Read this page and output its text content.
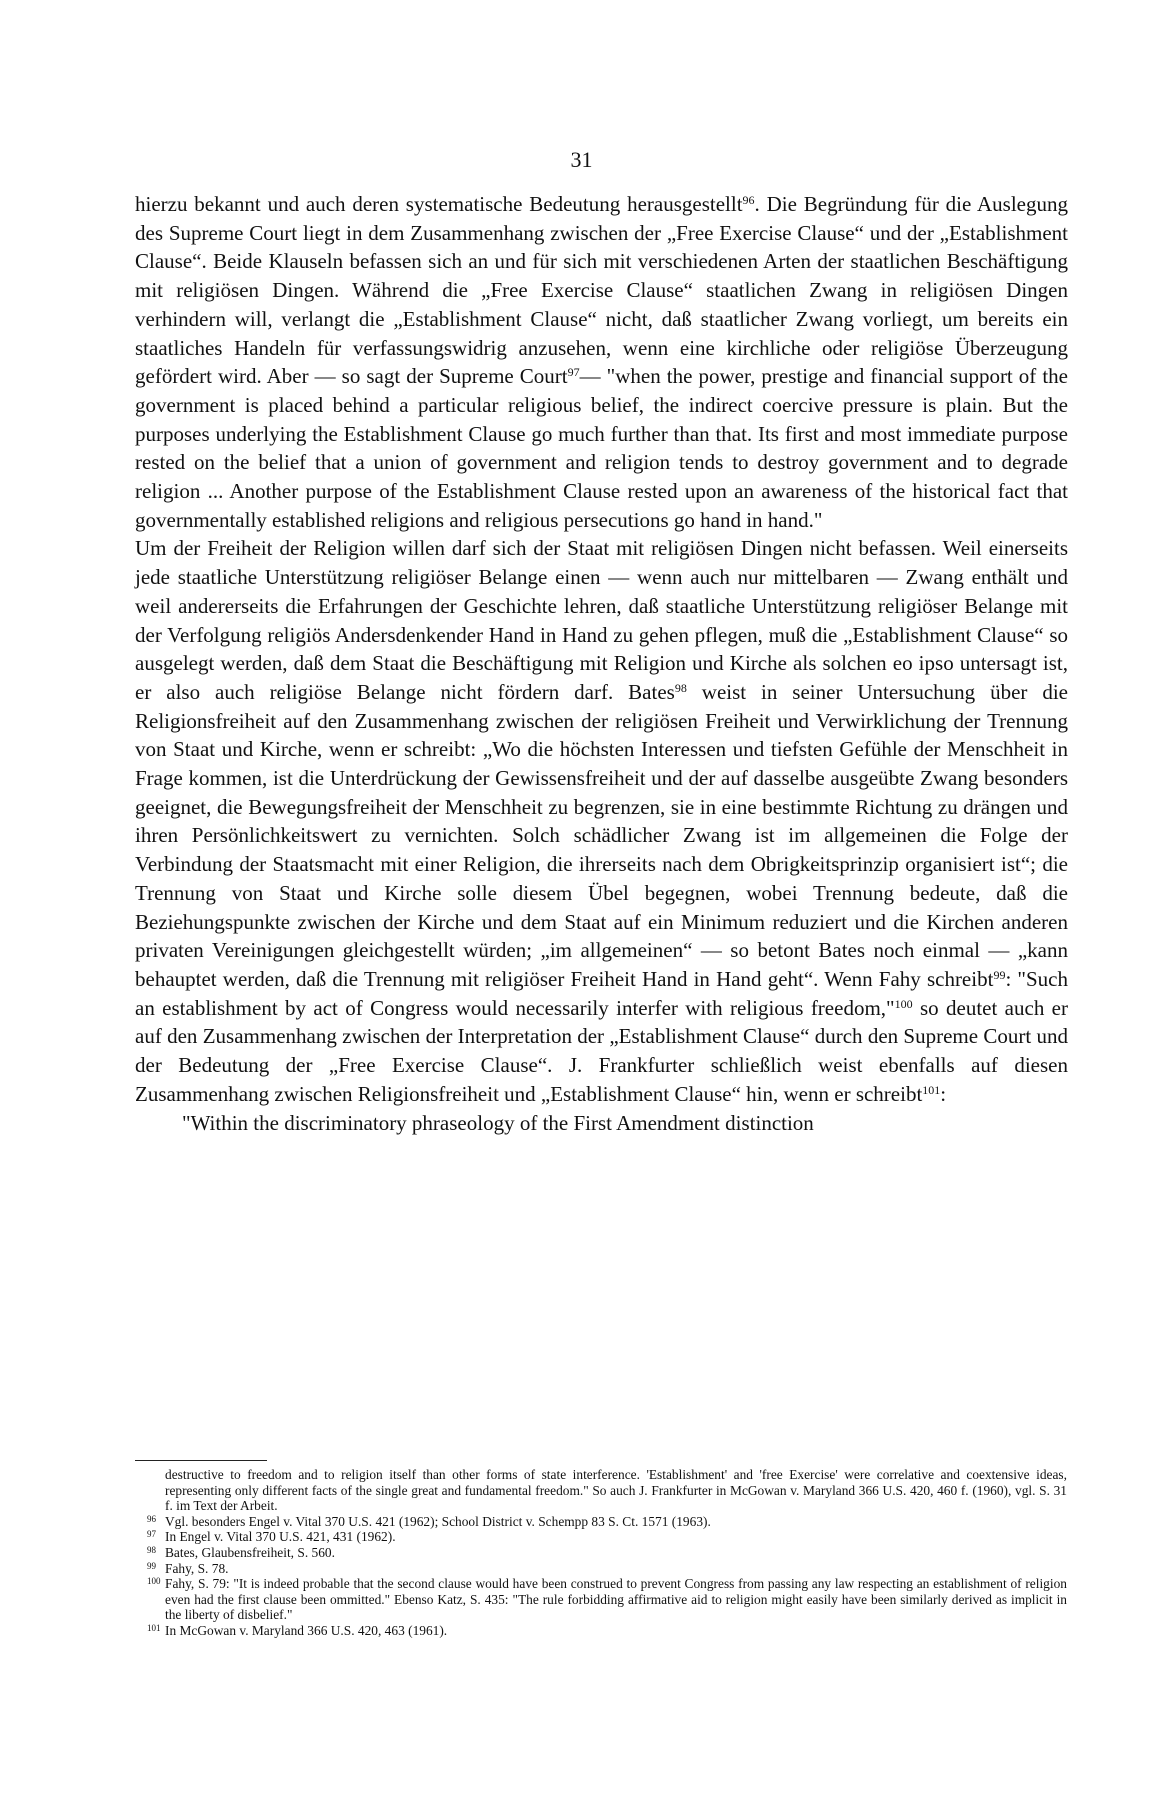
31

hierzu bekannt und auch deren systematische Bedeutung herausgestellt$^{96}$. Die Begründung für die Auslegung des Supreme Court liegt in dem Zusammenhang zwischen der „Free Exercise Clause“ und der „Establishment Clause“. Beide Klauseln befassen sich an und für sich mit verschiedenen Arten der staatlichen Beschäftigung mit religiösen Dingen. Während die „Free Exercise Clause“ staatlichen Zwang in religiösen Dingen verhindern will, verlangt die „Establishment Clause“ nicht, daß staatlicher Zwang vorliegt, um bereits ein staatliches Handeln für verfassungswidrig anzusehen, wenn eine kirchliche oder religiöse Überzeugung gefördert wird. Aber — so sagt der Supreme Court$^{97}$— "when the power, prestige and financial support of the government is placed behind a particular religious belief, the indirect coercive pressure is plain. But the purposes underlying the Establishment Clause go much further than that. Its first and most immediate purpose rested on the belief that a union of government and religion tends to destroy government and to degrade religion ... Another purpose of the Establishment Clause rested upon an awareness of the historical fact that governmentally established religions and religious persecutions go hand in hand."

Um der Freiheit der Religion willen darf sich der Staat mit religiösen Dingen nicht befassen. Weil einerseits jede staatliche Unterstützung religiöser Belange einen — wenn auch nur mittelbaren — Zwang enthält und weil andererseits die Erfahrungen der Geschichte lehren, daß staatliche Unterstützung religiöser Belange mit der Verfolgung religiös Andersdenkender Hand in Hand zu gehen pflegen, muß die „Establishment Clause“ so ausgelegt werden, daß dem Staat die Beschäftigung mit Religion und Kirche als solchen eo ipso untersagt ist, er also auch religiöse Belange nicht fördern darf. Bates$^{98}$ weist in seiner Untersuchung über die Religionsfreiheit auf den Zusammenhang zwischen der religiösen Freiheit und Verwirklichung der Trennung von Staat und Kirche, wenn er schreibt: „Wo die höchsten Interessen und tiefsten Gefühle der Menschheit in Frage kommen, ist die Unterdrückung der Gewissensfreiheit und der auf dasselbe ausgeübte Zwang besonders geeignet, die Bewegungsfreiheit der Menschheit zu begrenzen, sie in eine bestimmte Richtung zu drängen und ihren Persönlichkeitswert zu vernichten. Solch schädlicher Zwang ist im allgemeinen die Folge der Verbindung der Staatsmacht mit einer Religion, die ihrerseits nach dem Obrigkeitsprinzip organisiert ist“; die Trennung von Staat und Kirche solle diesem Übel begegnen, wobei Trennung bedeute, daß die Beziehungspunkte zwischen der Kirche und dem Staat auf ein Minimum reduziert und die Kirchen anderen privaten Vereinigungen gleichgestellt würden; „im allgemeinen“ — so betont Bates noch einmal — „kann behauptet werden, daß die Trennung mit religiöser Freiheit Hand in Hand geht“. Wenn Fahy schreibt$^{99}$: "Such an establishment by act of Congress would necessarily interfer with religious freedom,"$^{100}$ so deutet auch er auf den Zusammenhang zwischen der Interpretation der „Establishment Clause“ durch den Supreme Court und der Bedeutung der „Free Exercise Clause“. J. Frankfurter schließlich weist ebenfalls auf diesen Zusammenhang zwischen Religionsfreiheit und „Establishment Clause“ hin, wenn er schreibt$^{101}$:

"Within the discriminatory phraseology of the First Amendment distinction

destructive to freedom and to religion itself than other forms of state interference. 'Establishment' and 'free Exercise' were correlative and coextensive ideas, representing only different facts of the single great and fundamental freedom." So auch J. Frankfurter in McGowan v. Maryland 366 U.S. 420, 460 f. (1960), vgl. S. 31 f. im Text der Arbeit.
96 Vgl. besonders Engel v. Vital 370 U.S. 421 (1962); School District v. Schempp 83 S. Ct. 1571 (1963).
97 In Engel v. Vital 370 U.S. 421, 431 (1962).
98 Bates, Glaubensfreiheit, S. 560.
99 Fahy, S. 78.
100 Fahy, S. 79: "It is indeed probable that the second clause would have been construed to prevent Congress from passing any law respecting an establishment of religion even had the first clause been ommitted." Ebenso Katz, S. 435: "The rule forbidding affirmative aid to religion might easily have been similarly derived as implicit in the liberty of disbelief."
101 In McGowan v. Maryland 366 U.S. 420, 463 (1961).
